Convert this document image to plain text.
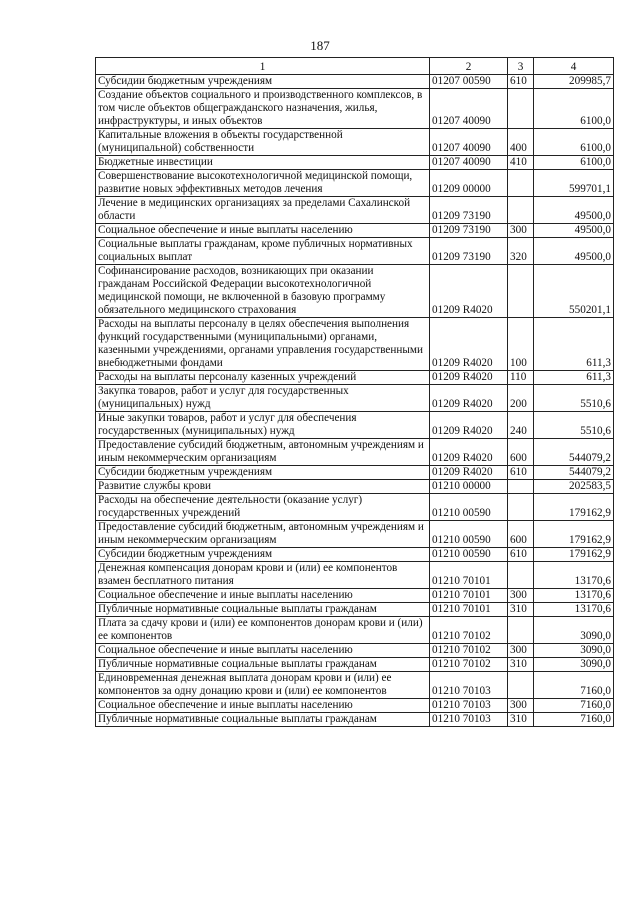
187
1	2	3	4
Субсидии бюджетным учреждениям	01207 00590	610	209985,7
Создание объектов социального и производственного комплексов, в том числе объектов общегражданского назначения, жилья, инфраструктуры, и иных объектов	01207 40090		6100,0
Капитальные вложения в объекты государственной (муниципальной) собственности	01207 40090	400	6100,0
Бюджетные инвестиции	01207 40090	410	6100,0
Совершенствование высокотехнологичной медицинской помощи, развитие новых эффективных методов лечения	01209 00000		599701,1
Лечение в медицинских организациях за пределами Сахалинской области	01209 73190		49500,0
Социальное обеспечение и иные выплаты населению	01209 73190	300	49500,0
Социальные выплаты гражданам, кроме публичных нормативных социальных выплат	01209 73190	320	49500,0
Софинансирование расходов, возникающих при оказании гражданам Российской Федерации высокотехнологичной медицинской помощи, не включенной в базовую программу обязательного медицинского страхования	01209 R4020		550201,1
Расходы на выплаты персоналу в целях обеспечения выполнения функций государственными (муниципальными) органами, казенными учреждениями, органами управления государственными внебюджетными фондами	01209 R4020	100	611,3
Расходы на выплаты персоналу казенных учреждений	01209 R4020	110	611,3
Закупка товаров, работ и услуг для государственных (муниципальных) нужд	01209 R4020	200	5510,6
Иные закупки товаров, работ и услуг для обеспечения государственных (муниципальных) нужд	01209 R4020	240	5510,6
Предоставление субсидий бюджетным, автономным учреждениям и иным некоммерческим организациям	01209 R4020	600	544079,2
Субсидии бюджетным учреждениям	01209 R4020	610	544079,2
Развитие службы крови	01210 00000		202583,5
Расходы на обеспечение деятельности (оказание услуг) государственных учреждений	01210 00590		179162,9
Предоставление субсидий бюджетным, автономным учреждениям и иным некоммерческим организациям	01210 00590	600	179162,9
Субсидии бюджетным учреждениям	01210 00590	610	179162,9
Денежная компенсация донорам крови и (или) ее компонентов взамен бесплатного питания	01210 70101		13170,6
Социальное обеспечение и иные выплаты населению	01210 70101	300	13170,6
Публичные нормативные социальные выплаты гражданам	01210 70101	310	13170,6
Плата за сдачу крови и (или) ее компонентов донорам крови и (или) ее компонентов	01210 70102		3090,0
Социальное обеспечение и иные выплаты населению	01210 70102	300	3090,0
Публичные нормативные социальные выплаты гражданам	01210 70102	310	3090,0
Единовременная денежная выплата донорам крови и (или) ее компонентов за одну донацию крови и (или) ее компонентов	01210 70103		7160,0
Социальное обеспечение и иные выплаты населению	01210 70103	300	7160,0
Публичные нормативные социальные выплаты гражданам	01210 70103	310	7160,0
